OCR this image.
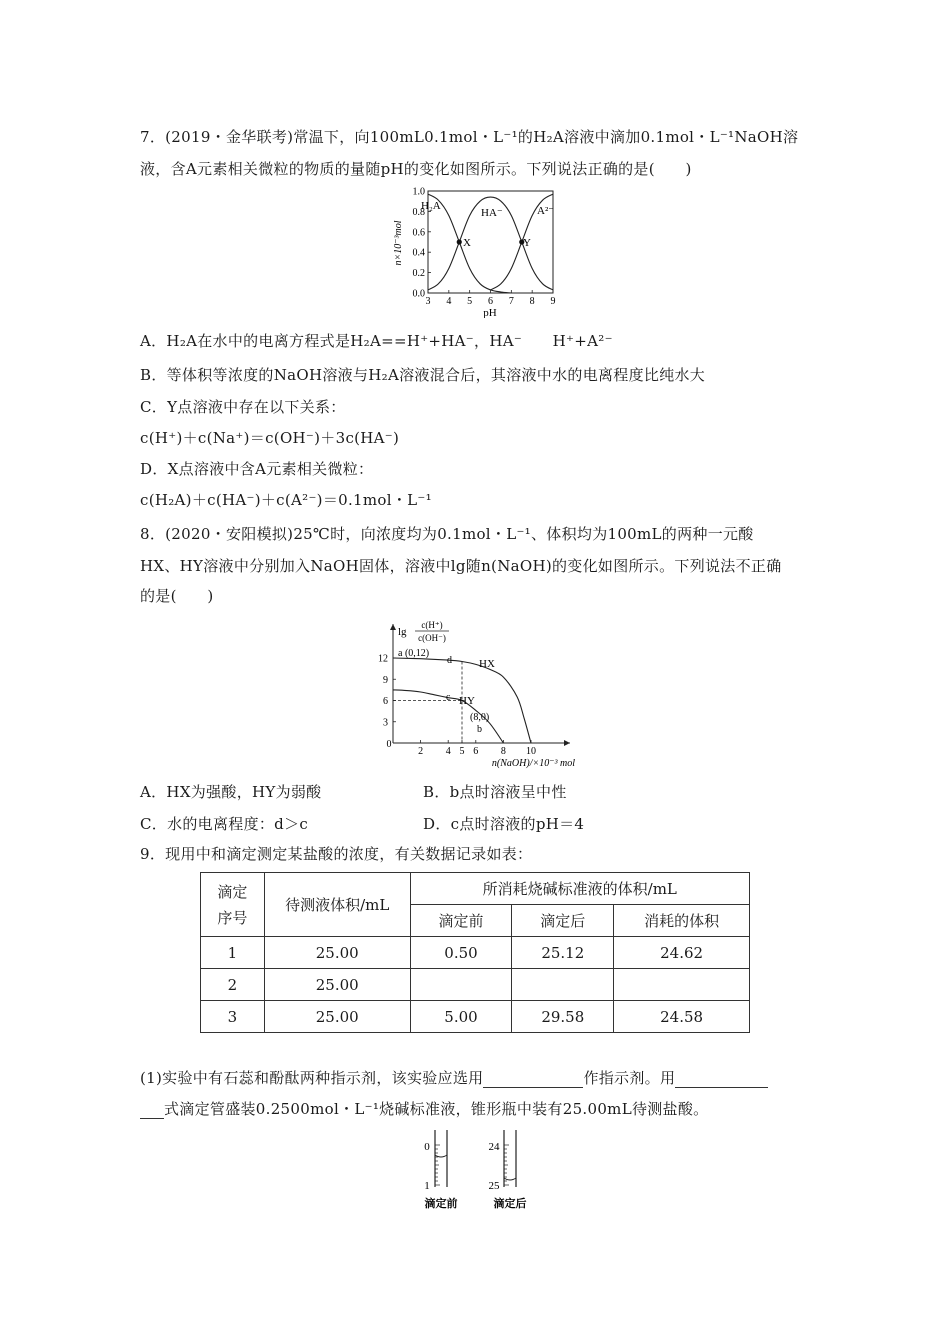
7．(2019・金华联考)常温下，向100mL0.1mol・L⁻¹的H₂A溶液中滴加0.1mol・L⁻¹NaOH溶
液，含A元素相关微粒的物质的量随pH的变化如图所示。下列说法正确的是(　　)
3 4 5 6 7 8 9
0.0
0.2
0.4
0.6
0.8
1.0
n×10⁻³mol
pH
H₂A
HA⁻	A²⁻
X	Y
A．H₂A在水中的电离方程式是H₂A==H⁺+HA⁻，HA⁻　　H⁺+A²⁻
B．等体积等浓度的NaOH溶液与H₂A溶液混合后，其溶液中水的电离程度比纯水大
C．Y点溶液中存在以下关系：
c(H⁺)＋c(Na⁺)＝c(OH⁻)＋3c(HA⁻)
D．X点溶液中含A元素相关微粒：
c(H₂A)＋c(HA⁻)＋c(A²⁻)＝0.1mol・L⁻¹
8．(2020・安阳模拟)25℃时，向浓度均为0.1mol・L⁻¹、体积均为100mL的两种一元酸
HX、HY溶液中分别加入NaOH固体，溶液中lg随n(NaOH)的变化如图所示。下列说法不正确
的是(　　)
2 4 5 6 8 10
3
6
9
12
lg
c(H⁺)
c(OH⁻)
n(NaOH)/×10⁻³ mol
0
HX
HY
a (0,12)
d
c
(8,0)
b
A．HX为强酸，HY为弱酸	B．b点时溶液呈中性
C．水的电离程度：d＞c	D．c点时溶液的pH＝4
9．现用中和滴定测定某盐酸的浓度，有关数据记录如表：
滴定
序号	待测液体积/mL	所消耗烧碱标准液的体积/mL		
		滴定前	滴定后	消耗的体积
1	25.00	0.50	25.12	24.62
2	25.00			
3	25.00	5.00	29.58	24.58
(1)实验中有石蕊和酚酞两种指示剂，该实验应选用	作指示剂。用
式滴定管盛装0.2500mol・L⁻¹烧碱标准液，锥形瓶中装有25.00mL待测盐酸。
0
1
滴定前
24
25
滴定后
